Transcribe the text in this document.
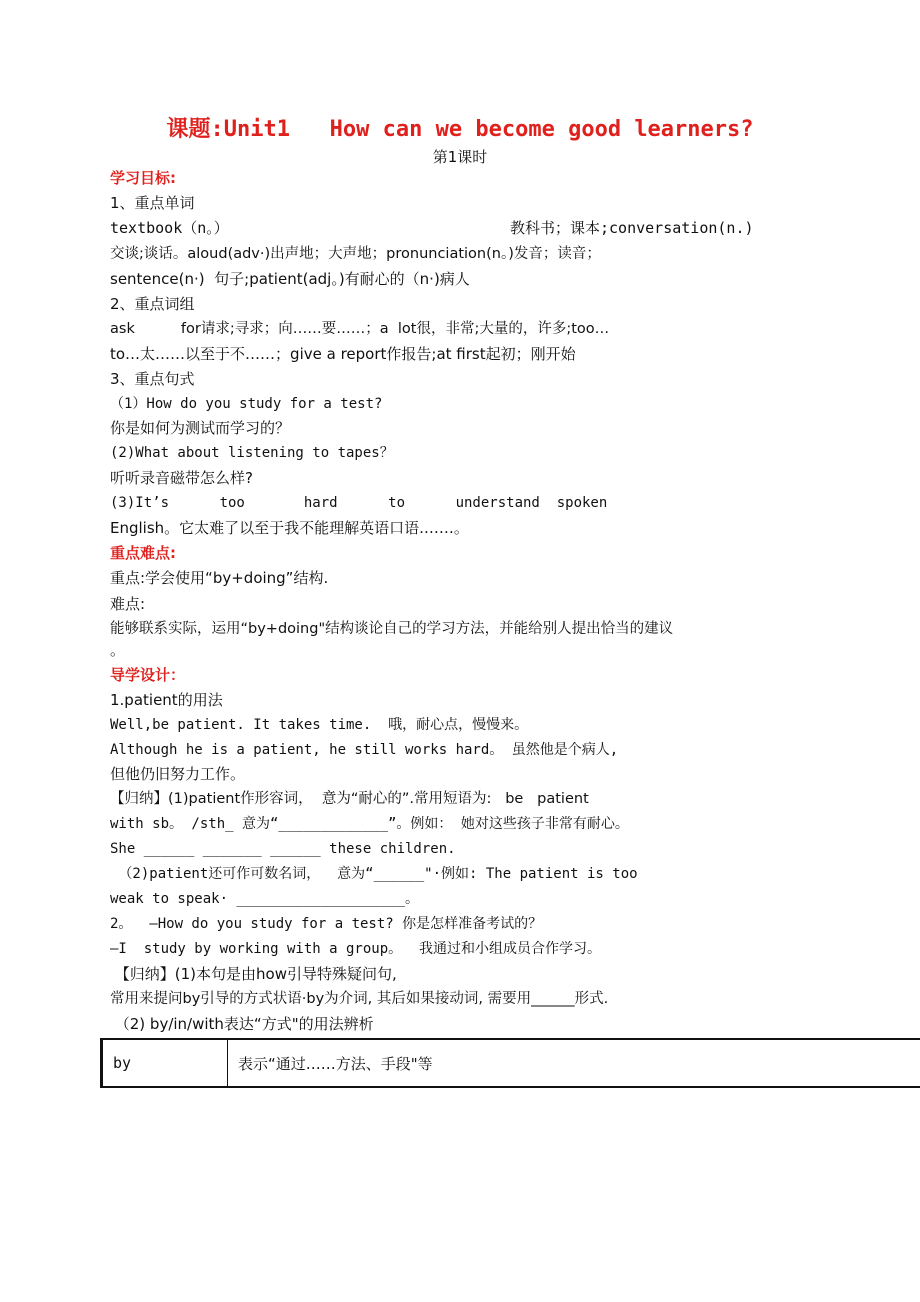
课题:Unit1   How can we become good learners?
第1课时
学习目标:
1、重点单词
textbook（n。）	教科书；课本;conversation(n.)
交谈;谈话。aloud(adv·)出声地；大声地；pronunciation(n。)发音；读音；
sentence(n·)  句子;patient(adj。)有耐心的（n·)病人
2、重点词组
ask          for请求;寻求；向……要……；a  lot很，非常;大量的，许多;too…
to…太……以至于不……；give a report作报告;at first起初；刚开始
3、重点句式
（1）How do you study for a test?
你是如何为测试而学习的？
(2)What about listening to tapes？
听听录音磁带怎么样?
(3)It’s      too       hard      to      understand  spoken
English。它太难了以至于我不能理解英语口语.……。
重点难点:
重点:学会使用“by+doing”结构.
难点:
能够联系实际，运用“by+doing"结构谈论自己的学习方法，并能给别人提出恰当的建议
。
导学设计：
1.patient的用法
Well,be patient. It takes time.  哦，耐心点，慢慢来。
Although he is a patient, he still works hard。 虽然他是个病人,
但他仍旧努力工作。
【归纳】(1)patient作形容词，  意为“耐心的”.常用短语为:   be   patient
with sb。 /sth_ 意为“_____________”。例如： 她对这些孩子非常有耐心。
She ______ _______ ______ these children.
（2)patient还可作可数名词，  意为“______"·例如: The patient is too
weak to speak· ____________________。
2。  —How do you study for a test? 你是怎样准备考试的？
—I  study by working with a group。  我通过和小组成员合作学习。
【归纳】(1)本句是由how引导特殊疑问句,
常用来提问by引导的方式状语·by为介词, 其后如果接动词, 需要用______形式.
（2) by/in/with表达“方式"的用法辨析
by	表示“通过……方法、手段"等
